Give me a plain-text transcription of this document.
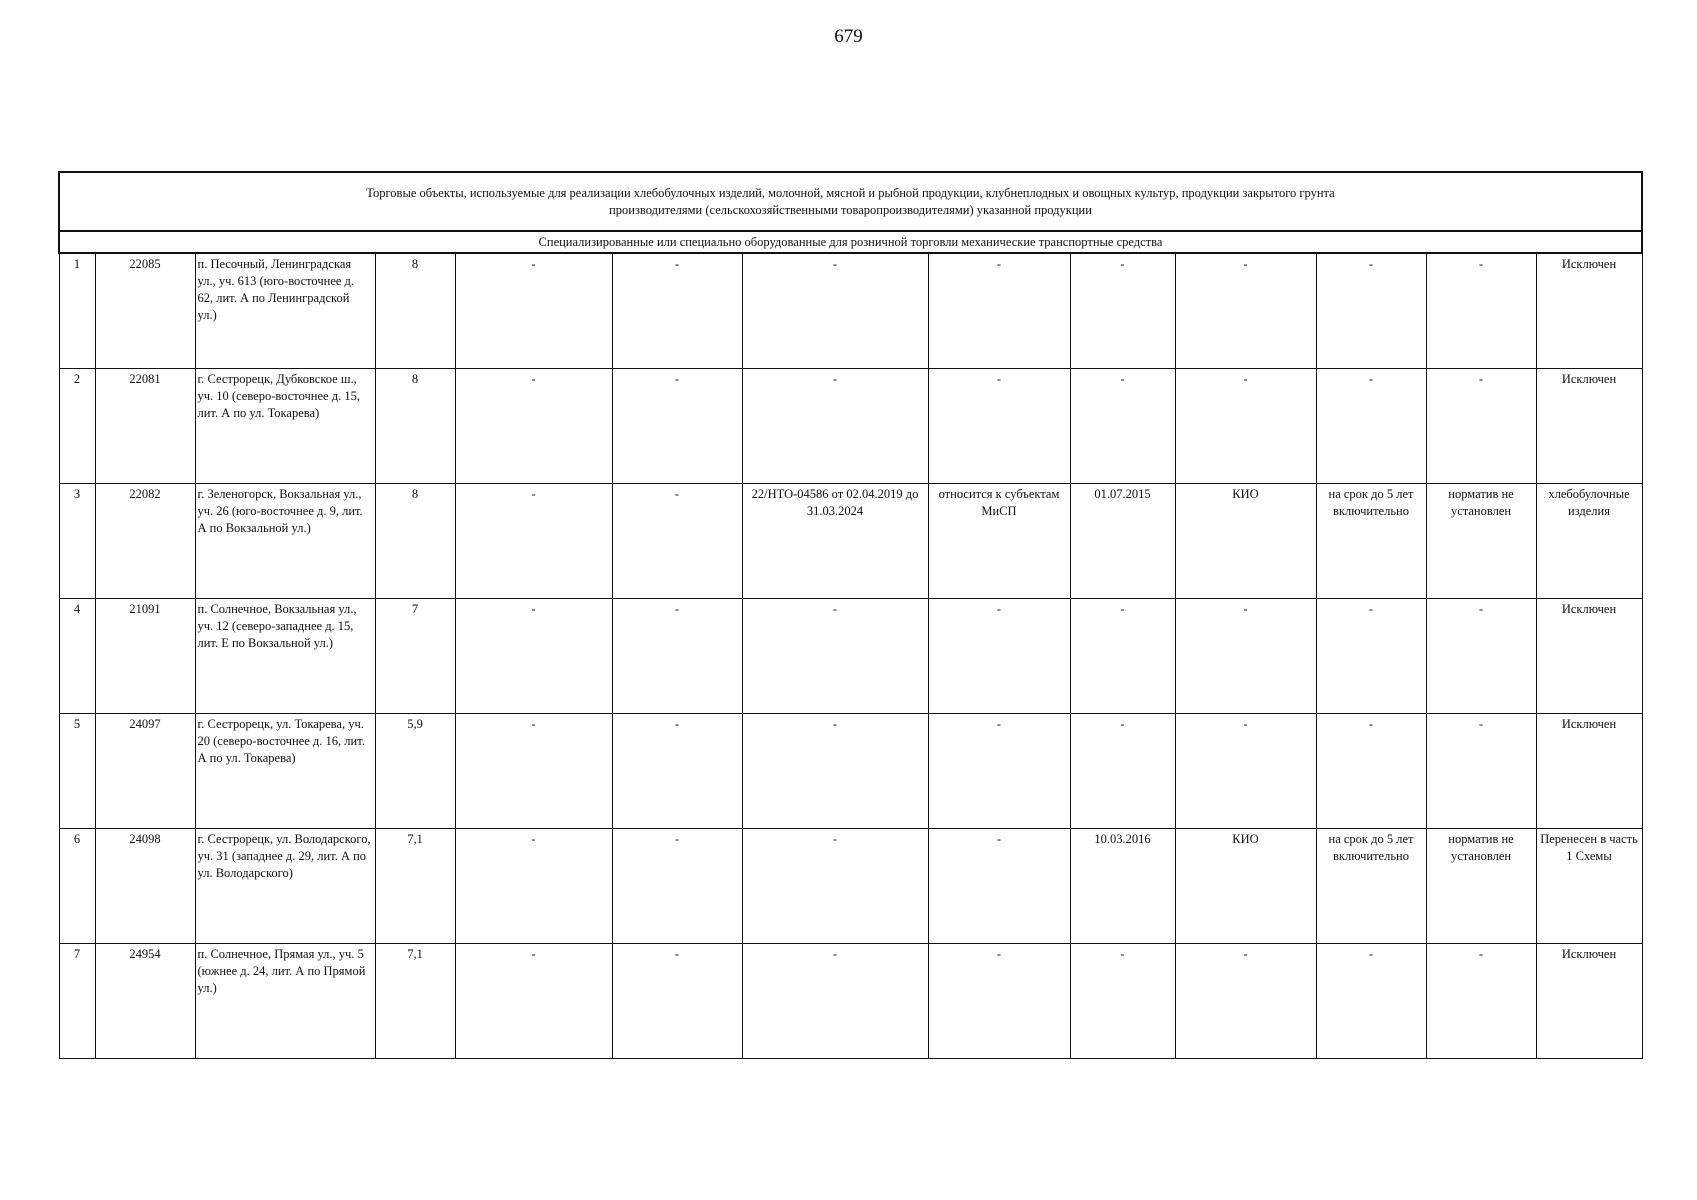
679
Торговые объекты, используемые для реализации хлебобулочных изделий, молочной, мясной и рыбной продукции, клубнеплодных и овощных культур, продукции закрытого грунта
производителями (сельскохозяйственными товаропроизводителями) указанной продукции												

Специализированные или специально оборудованные для розничной торговли механические транспортные средства												
1	22085	п. Песочный, Ленинградская ул., уч. 613 (юго-восточнее д. 62, лит. А по Ленинградской ул.)	8	-	-	-	-	-	-	-	-	Исключен
2	22081	г. Сестрорецк, Дубковское ш., уч. 10 (северо-восточнее д. 15, лит. А по ул. Токарева)	8	-	-	-	-	-	-	-	-	Исключен
3	22082	г. Зеленогорск, Вокзальная ул., уч. 26 (юго-восточнее д. 9, лит. А по Вокзальной ул.)	8	-	-	22/НТО-04586 от 02.04.2019 до 31.03.2024	относится к субъектам МиСП	01.07.2015	КИО	на срок до 5 лет включительно	норматив не установлен	хлебобулочные изделия
4	21091	п. Солнечное, Вокзальная ул., уч. 12 (северо-западнее д. 15, лит. Е по Вокзальной ул.)	7	-	-	-	-	-	-	-	-	Исключен
5	24097	г. Сестрорецк, ул. Токарева, уч. 20 (северо-восточнее д. 16, лит. А по ул. Токарева)	5,9	-	-	-	-	-	-	-	-	Исключен
6	24098	г. Сестрорецк, ул. Володарского, уч. 31 (западнее д. 29, лит. А по ул. Володарского)	7,1	-	-	-	-	10.03.2016	КИО	на срок до 5 лет включительно	норматив не установлен	Перенесен в часть 1 Схемы
7	24954	п. Солнечное, Прямая ул., уч. 5 (южнее д. 24, лит. А по Прямой ул.)	7,1	-	-	-	-	-	-	-	-	Исключен
